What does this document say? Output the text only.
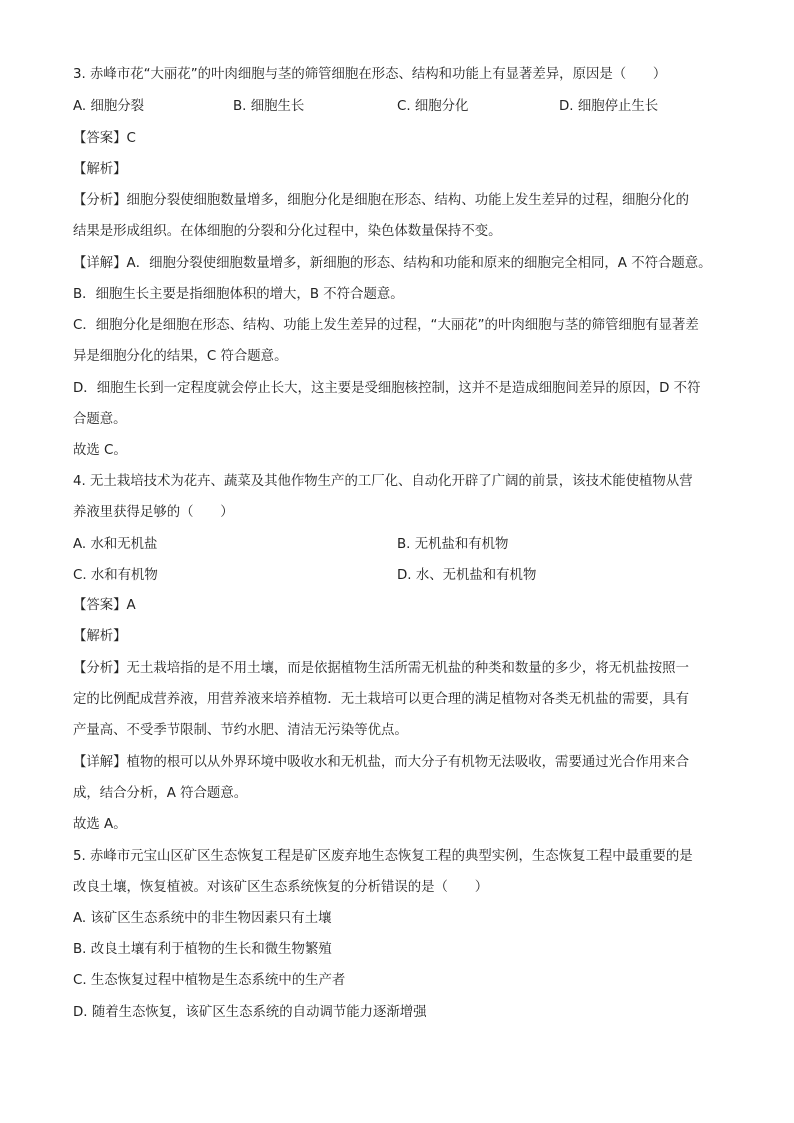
3. 赤峰市花“大丽花”的叶肉细胞与茎的筛管细胞在形态、结构和功能上有显著差异，原因是（　　）
A. 细胞分裂	B. 细胞生长	C. 细胞分化	D. 细胞停止生长
【答案】C
【解析】
【分析】细胞分裂使细胞数量增多，细胞分化是细胞在形态、结构、功能上发生差异的过程，细胞分化的
结果是形成组织。在体细胞的分裂和分化过程中，染色体数量保持不变。
【详解】A．细胞分裂使细胞数量增多，新细胞的形态、结构和功能和原来的细胞完全相同，A 不符合题意。
B．细胞生长主要是指细胞体积的增大，B 不符合题意。
C．细胞分化是细胞在形态、结构、功能上发生差异的过程，“大丽花”的叶肉细胞与茎的筛管细胞有显著差
异是细胞分化的结果，C 符合题意。
D．细胞生长到一定程度就会停止长大，这主要是受细胞核控制，这并不是造成细胞间差异的原因，D 不符
合题意。
故选 C。
4. 无土栽培技术为花卉、蔬菜及其他作物生产的工厂化、自动化开辟了广阔的前景，该技术能使植物从营
养液里获得足够的（　　）
A. 水和无机盐	B. 无机盐和有机物
C. 水和有机物	D. 水、无机盐和有机物
【答案】A
【解析】
【分析】无土栽培指的是不用土壤，而是依据植物生活所需无机盐的种类和数量的多少，将无机盐按照一
定的比例配成营养液，用营养液来培养植物．无土栽培可以更合理的满足植物对各类无机盐的需要，具有
产量高、不受季节限制、节约水肥、清洁无污染等优点。
【详解】植物的根可以从外界环境中吸收水和无机盐，而大分子有机物无法吸收，需要通过光合作用来合
成，结合分析，A 符合题意。
故选 A。
5. 赤峰市元宝山区矿区生态恢复工程是矿区废弃地生态恢复工程的典型实例，生态恢复工程中最重要的是
改良土壤，恢复植被。对该矿区生态系统恢复的分析错误的是（　　）
A. 该矿区生态系统中的非生物因素只有土壤
B. 改良土壤有利于植物的生长和微生物繁殖
C. 生态恢复过程中植物是生态系统中的生产者
D. 随着生态恢复，该矿区生态系统的自动调节能力逐渐增强
